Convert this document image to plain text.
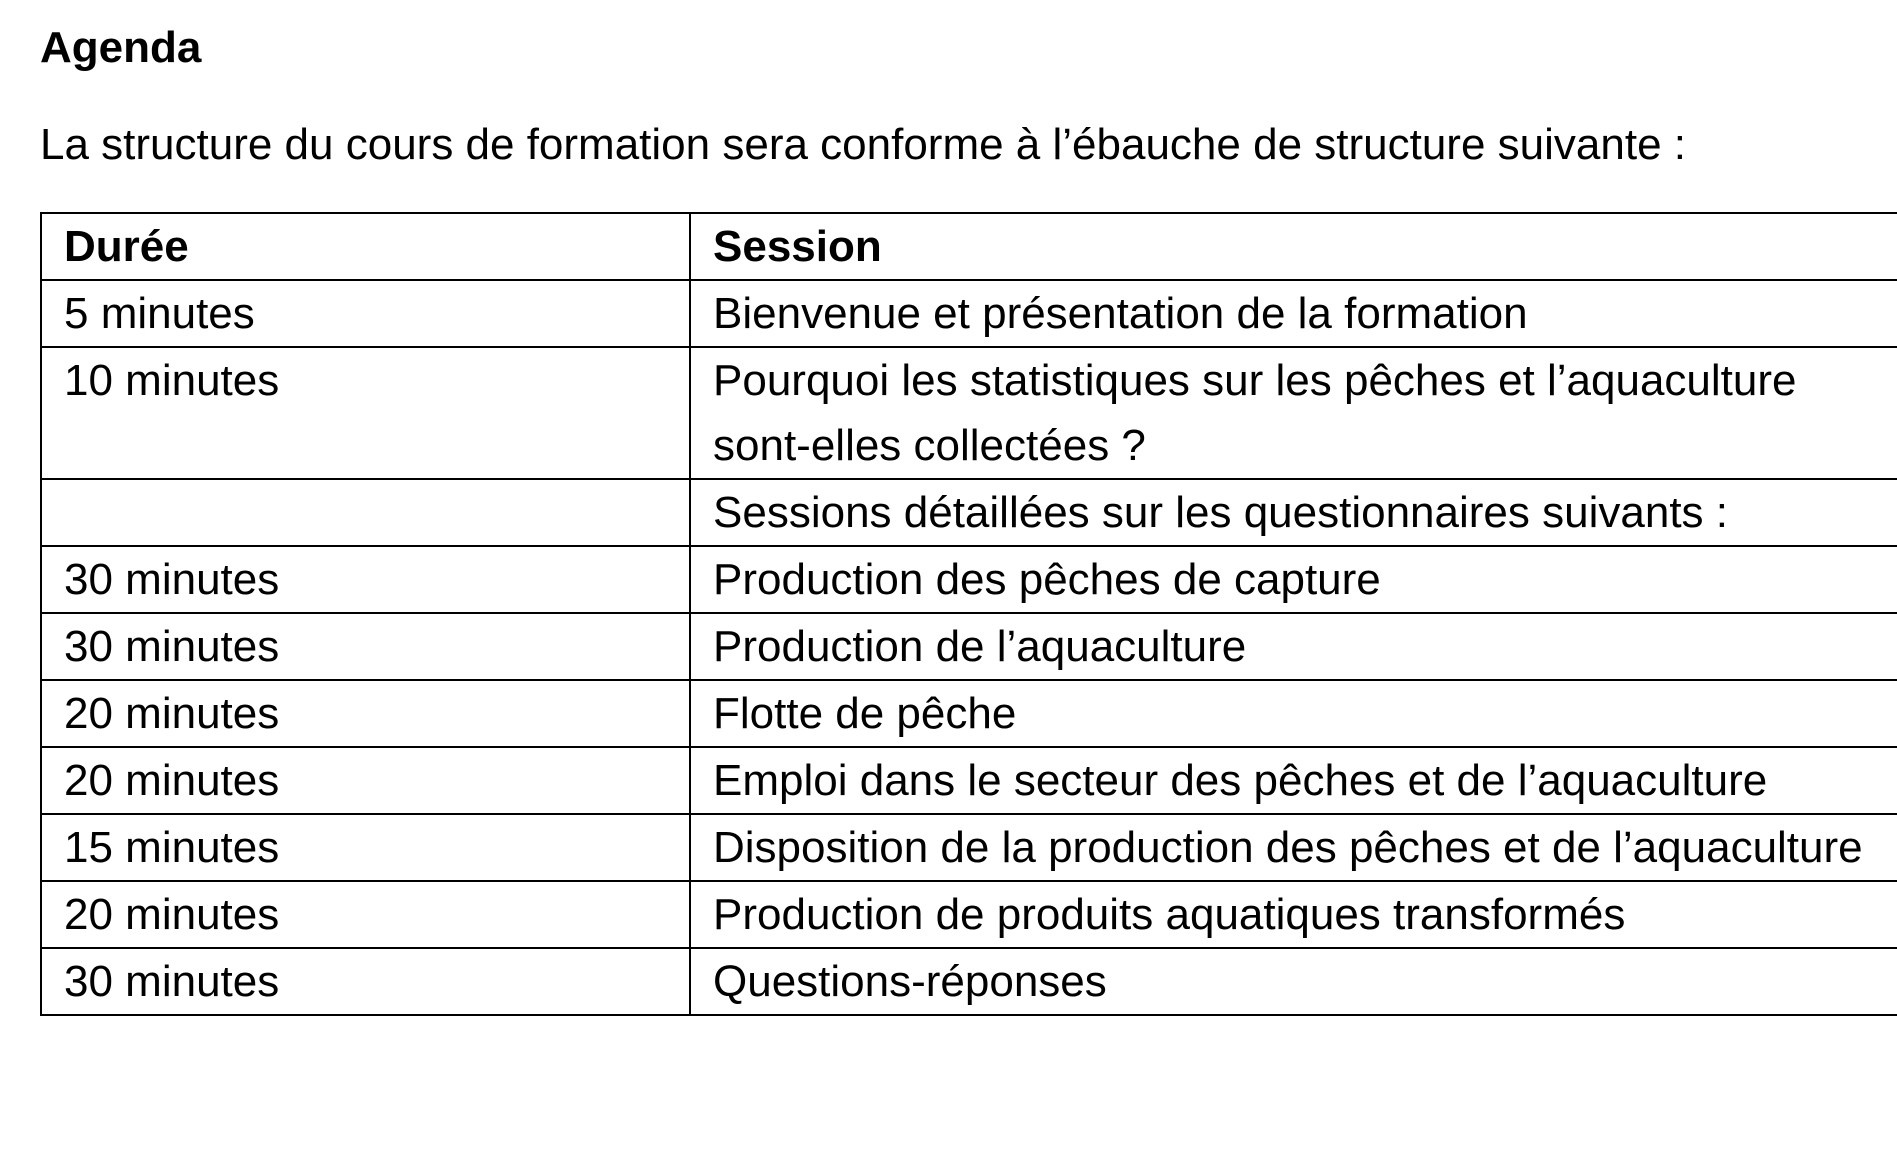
Agenda

La structure du cours de formation sera conforme à l’ébauche de structure suivante :

Durée	Session
5 minutes	Bienvenue et présentation de la formation
10 minutes	Pourquoi les statistiques sur les pêches et l’aquaculture sont-elles collectées ?
	Sessions détaillées sur les questionnaires suivants :
30 minutes	Production des pêches de capture
30 minutes	Production de l’aquaculture
20 minutes	Flotte de pêche
20 minutes	Emploi dans le secteur des pêches et de l’aquaculture
15 minutes	Disposition de la production des pêches et de l’aquaculture
20 minutes	Production de produits aquatiques transformés
30 minutes	Questions-réponses
